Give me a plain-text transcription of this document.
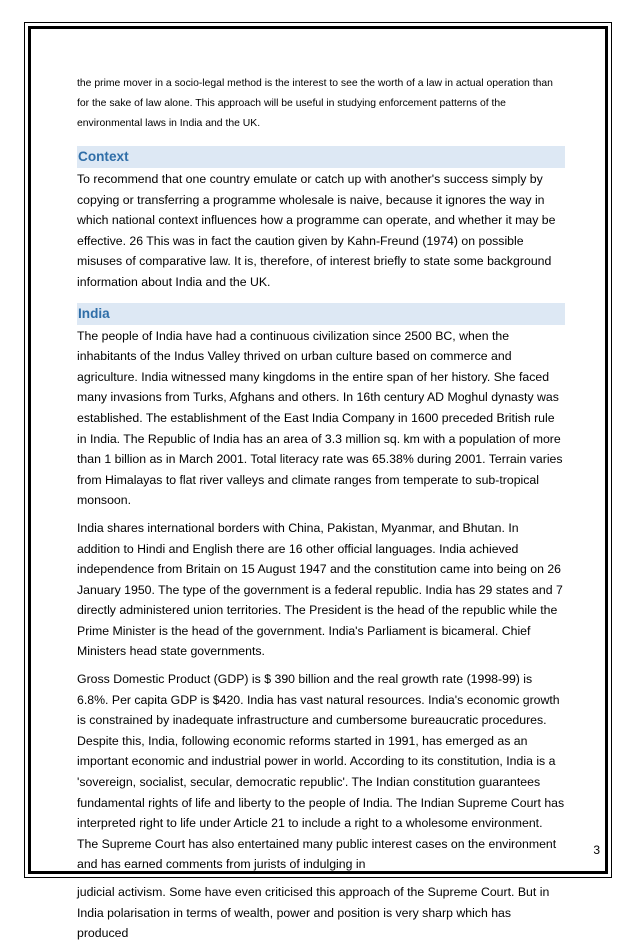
the prime mover in a socio-legal method is the interest to see the worth of a law in actual operation than for the sake of law alone. This approach will be useful in studying enforcement patterns of the environmental laws in India and the UK.

Context

To recommend that one country emulate or catch up with another's success simply by copying or transferring a programme wholesale is naive, because it ignores the way in which national context influences how a programme can operate, and whether it may be effective. 26 This was in fact the caution given by Kahn-Freund (1974) on possible misuses of comparative law. It is, therefore, of interest briefly to state some background information about India and the UK.

India

The people of India have had a continuous civilization since 2500 BC, when the inhabitants of the Indus Valley thrived on urban culture based on commerce and agriculture. India witnessed many kingdoms in the entire span of her history. She faced many invasions from Turks, Afghans and others. In 16th century AD Moghul dynasty was established. The establishment of the East India Company in 1600 preceded British rule in India. The Republic of India has an area of 3.3 million sq. km with a population of more than 1 billion as in March 2001. Total literacy rate was 65.38% during 2001. Terrain varies from Himalayas to flat river valleys and climate ranges from temperate to sub-tropical monsoon.

India shares international borders with China, Pakistan, Myanmar, and Bhutan. In addition to Hindi and English there are 16 other official languages. India achieved independence from Britain on 15 August 1947 and the constitution came into being on 26 January 1950. The type of the government is a federal republic. India has 29 states and 7 directly administered union territories. The President is the head of the republic while the Prime Minister is the head of the government. India's Parliament is bicameral. Chief Ministers head state governments.

Gross Domestic Product (GDP) is $ 390 billion and the real growth rate (1998-99) is 6.8%. Per capita GDP is $420. India has vast natural resources. India's economic growth is constrained by inadequate infrastructure and cumbersome bureaucratic procedures. Despite this, India, following economic reforms started in 1991, has emerged as an important economic and industrial power in world. According to its constitution, India is a 'sovereign, socialist, secular, democratic republic'. The Indian constitution guarantees fundamental rights of life and liberty to the people of India. The Indian Supreme Court has interpreted right to life under Article 21 to include a right to a wholesome environment. The Supreme Court has also entertained many public interest cases on the environment and has earned comments from jurists of indulging in

judicial activism. Some have even criticised this approach of the Supreme Court. But in India polarisation in terms of wealth, power and position is very sharp which has produced

3
